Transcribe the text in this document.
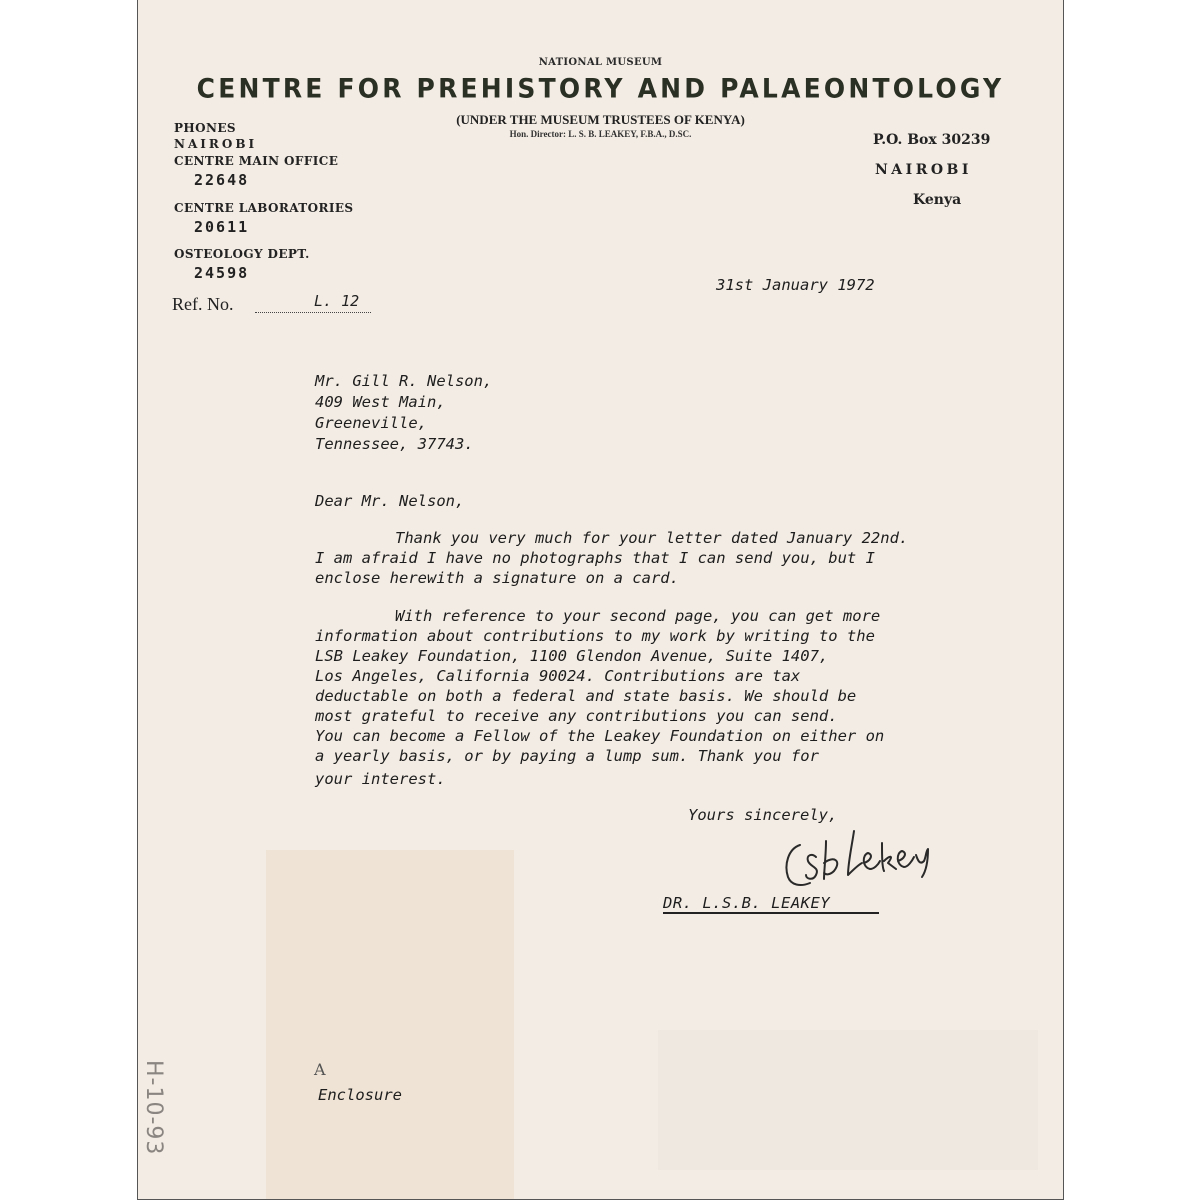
NATIONAL MUSEUM
CENTRE FOR PREHISTORY AND PALAEONTOLOGY
(UNDER THE MUSEUM TRUSTEES OF KENYA)
Hon. Director: L. S. B. LEAKEY, F.B.A., D.SC.
PHONES
NAIROBI
CENTRE MAIN OFFICE
22648
CENTRE LABORATORIES
20611
OSTEOLOGY DEPT.
24598
P.O. Box 30239
NAIROBI
Kenya
Ref. No.	L. 12
31st January 1972
Mr. Gill R. Nelson,
409 West Main,
Greeneville,
Tennessee, 37743.
Dear Mr. Nelson,
Thank you very much for your letter dated January 22nd.
I am afraid I have no photographs that I can send you, but I
enclose herewith a signature on a card.
With reference to your second page, you can get more
information about contributions to my work by writing to the
LSB Leakey Foundation, 1100 Glendon Avenue, Suite 1407,
Los Angeles, California 90024. Contributions are tax
deductable on both a federal and state basis. We should be
most grateful to receive any contributions you can send.
You can become a Fellow of the Leakey Foundation on either on
a yearly basis, or by paying a lump sum. Thank you for
your interest.
Yours sincerely,
DR. L.S.B. LEAKEY
A
Enclosure
H-10-93
